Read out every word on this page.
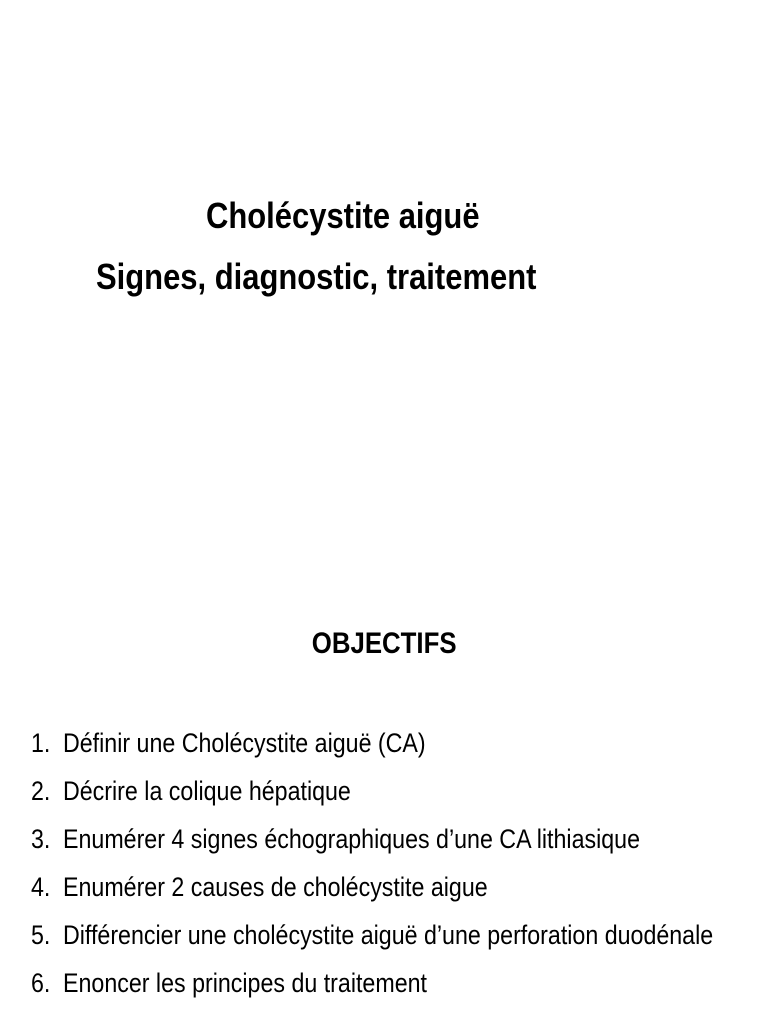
Cholécystite aiguë
Signes, diagnostic, traitement
OBJECTIFS
1. Définir une Cholécystite aiguë (CA)
2. Décrire la colique hépatique
3. Enumérer 4 signes échographiques d’une CA lithiasique
4. Enumérer 2 causes de cholécystite aigue
5. Différencier une cholécystite aiguë d’une perforation duodénale
6. Enoncer les principes du traitement
